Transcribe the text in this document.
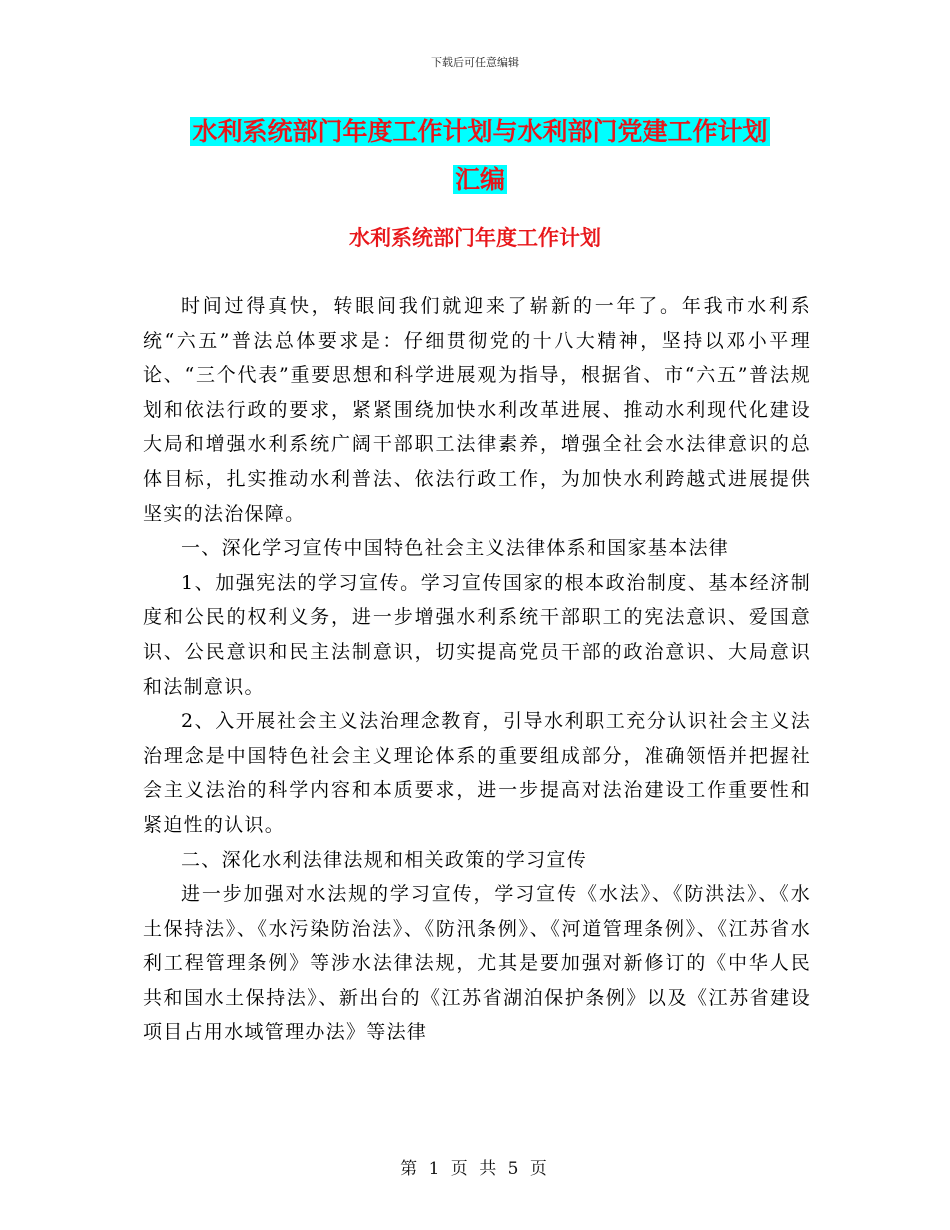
下载后可任意编辑
水利系统部门年度工作计划与水利部门党建工作计划
汇编
水利系统部门年度工作计划

时间过得真快，转眼间我们就迎来了崭新的一年了。年我市水利系统“六五”普法总体要求是：仔细贯彻党的十八大精神，坚持以邓小平理论、“三个代表”重要思想和科学进展观为指导，根据省、市“六五”普法规划和依法行政的要求，紧紧围绕加快水利改革进展、推动水利现代化建设大局和增强水利系统广阔干部职工法律素养，增强全社会水法律意识的总体目标，扎实推动水利普法、依法行政工作，为加快水利跨越式进展提供坚实的法治保障。

一、深化学习宣传中国特色社会主义法律体系和国家基本法律

1、加强宪法的学习宣传。学习宣传国家的根本政治制度、基本经济制度和公民的权利义务，进一步增强水利系统干部职工的宪法意识、爱国意识、公民意识和民主法制意识，切实提高党员干部的政治意识、大局意识和法制意识。

2、入开展社会主义法治理念教育，引导水利职工充分认识社会主义法治理念是中国特色社会主义理论体系的重要组成部分，准确领悟并把握社会主义法治的科学内容和本质要求，进一步提高对法治建设工作重要性和紧迫性的认识。

二、深化水利法律法规和相关政策的学习宣传

进一步加强对水法规的学习宣传，学习宣传《水法》、《防洪法》、《水土保持法》、《水污染防治法》、《防汛条例》、《河道管理条例》、《江苏省水利工程管理条例》等涉水法律法规，尤其是要加强对新修订的《中华人民共和国水土保持法》、新出台的《江苏省湖泊保护条例》以及《江苏省建设项目占用水域管理办法》等法律

第 1 页 共 5 页
